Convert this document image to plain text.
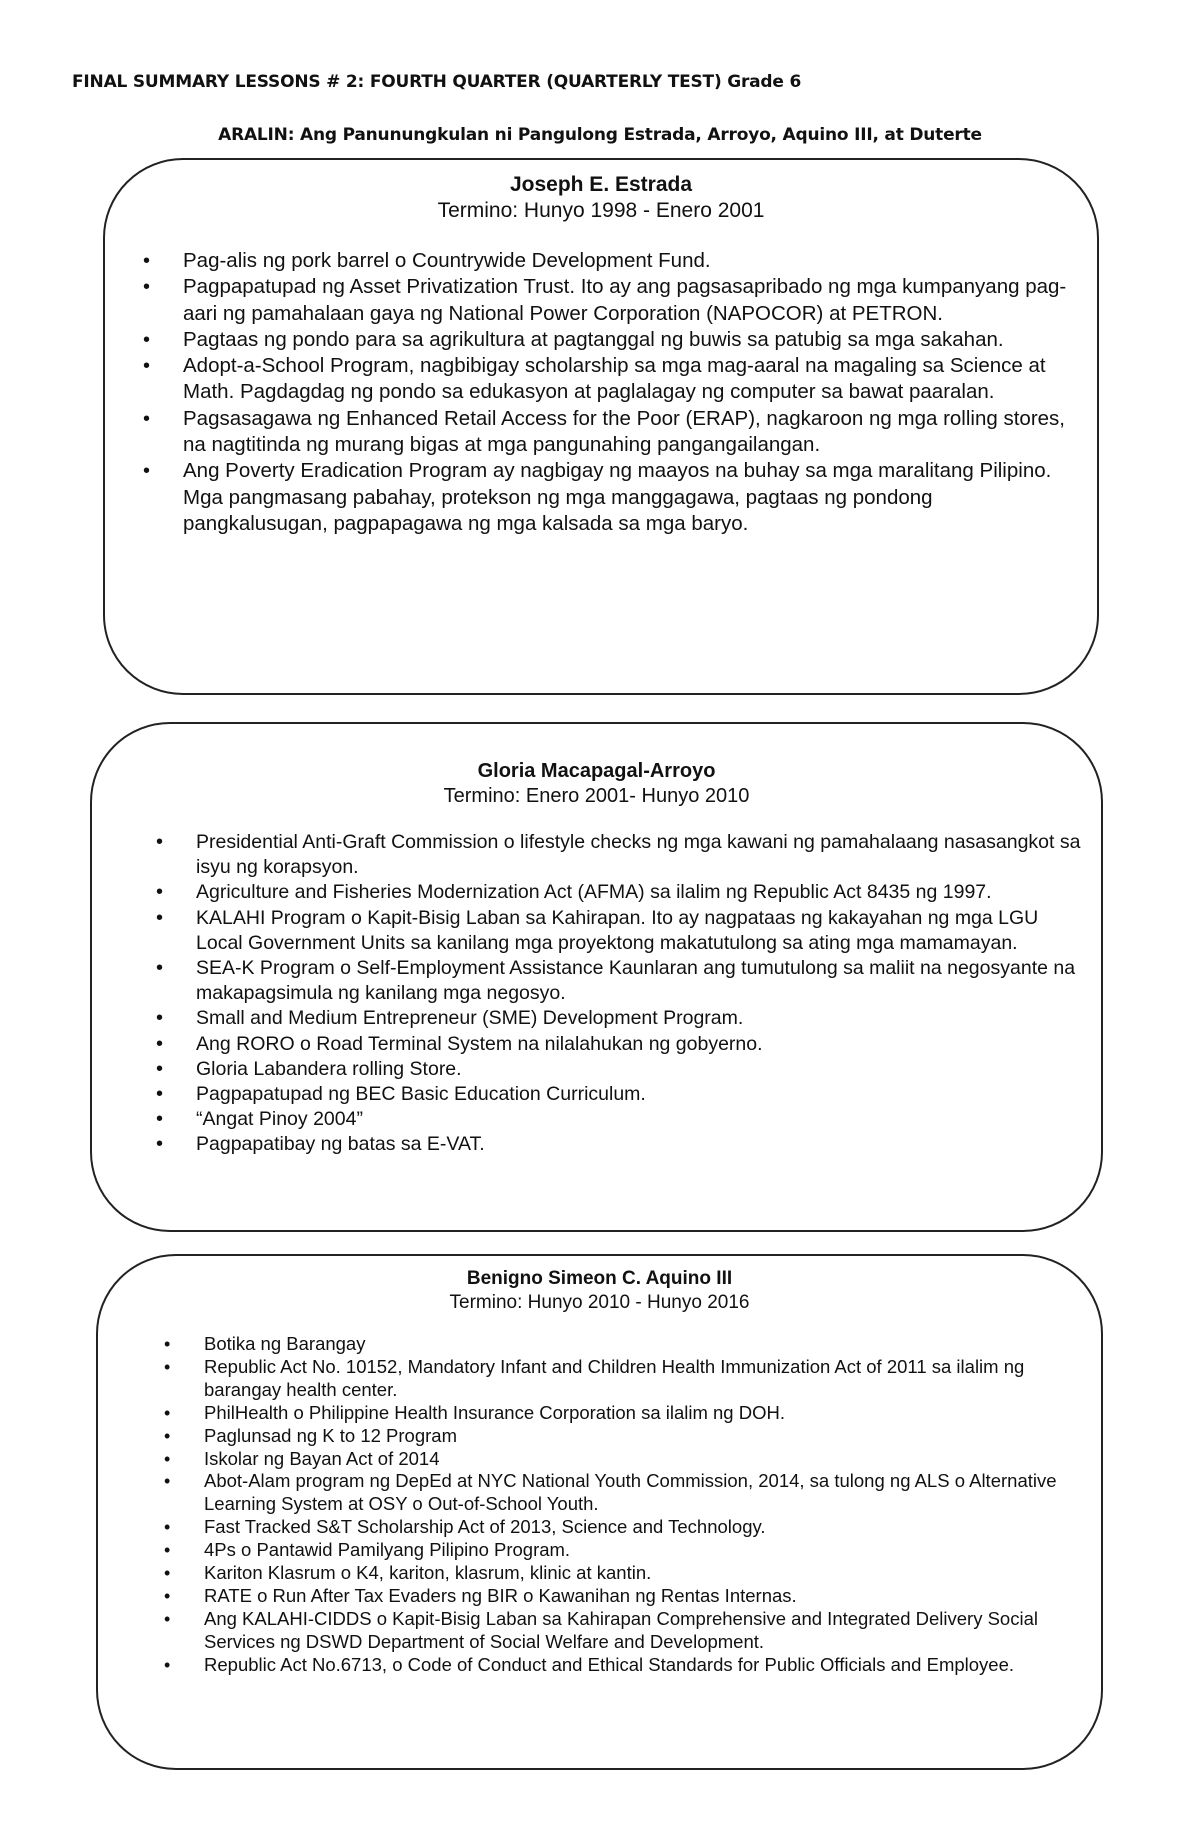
FINAL SUMMARY LESSONS # 2: FOURTH QUARTER (QUARTERLY TEST) Grade 6
ARALIN: Ang Panunungkulan ni Pangulong Estrada, Arroyo, Aquino III, at Duterte
Joseph E. Estrada
Termino: Hunyo 1998 - Enero 2001
• Pag-alis ng pork barrel o Countrywide Development Fund.
• Pagpapatupad ng Asset Privatization Trust. Ito ay ang pagsasapribado ng mga kumpanyang pag-aari ng pamahalaan gaya ng National Power Corporation (NAPOCOR) at PETRON.
• Pagtaas ng pondo para sa agrikultura at pagtanggal ng buwis sa patubig sa mga sakahan.
• Adopt-a-School Program, nagbibigay scholarship sa mga mag-aaral na magaling sa Science at Math. Pagdagdag ng pondo sa edukasyon at paglalagay ng computer sa bawat paaralan.
• Pagsasagawa ng Enhanced Retail Access for the Poor (ERAP), nagkaroon ng mga rolling stores, na nagtitinda ng murang bigas at mga pangunahing pangangailangan.
• Ang Poverty Eradication Program ay nagbigay ng maayos na buhay sa mga maralitang Pilipino. Mga pangmasang pabahay, protekson ng mga manggagawa, pagtaas ng pondong pangkalusugan, pagpapagawa ng mga kalsada sa mga baryo.
Gloria Macapagal-Arroyo
Termino: Enero 2001- Hunyo 2010
• Presidential Anti-Graft Commission o lifestyle checks ng mga kawani ng pamahalaang nasasangkot sa isyu ng korapsyon.
• Agriculture and Fisheries Modernization Act (AFMA) sa ilalim ng Republic Act 8435 ng 1997.
• KALAHI Program o Kapit-Bisig Laban sa Kahirapan. Ito ay nagpataas ng kakayahan ng mga LGU Local Government Units sa kanilang mga proyektong makatutulong sa ating mga mamamayan.
• SEA-K Program o Self-Employment Assistance Kaunlaran ang tumutulong sa maliit na negosyante na makapagsimula ng kanilang mga negosyo.
• Small and Medium Entrepreneur (SME) Development Program.
• Ang RORO o Road Terminal System na nilalahukan ng gobyerno.
• Gloria Labandera rolling Store.
• Pagpapatupad ng BEC Basic Education Curriculum.
• “Angat Pinoy 2004”
• Pagpapatibay ng batas sa E-VAT.
Benigno Simeon C. Aquino III
Termino: Hunyo 2010 - Hunyo 2016
• Botika ng Barangay
• Republic Act No. 10152, Mandatory Infant and Children Health Immunization Act of 2011 sa ilalim ng barangay health center.
• PhilHealth o Philippine Health Insurance Corporation sa ilalim ng DOH.
• Paglunsad ng K to 12 Program
• Iskolar ng Bayan Act of 2014
• Abot-Alam program ng DepEd at NYC National Youth Commission, 2014, sa tulong ng ALS o Alternative Learning System at OSY o Out-of-School Youth.
• Fast Tracked S&T Scholarship Act of 2013, Science and Technology.
• 4Ps o Pantawid Pamilyang Pilipino Program.
• Kariton Klasrum o K4, kariton, klasrum, klinic at kantin.
• RATE o Run After Tax Evaders ng BIR o Kawanihan ng Rentas Internas.
• Ang KALAHI-CIDDS o Kapit-Bisig Laban sa Kahirapan Comprehensive and Integrated Delivery Social Services ng DSWD Department of Social Welfare and Development.
• Republic Act No.6713, o Code of Conduct and Ethical Standards for Public Officials and Employee.
